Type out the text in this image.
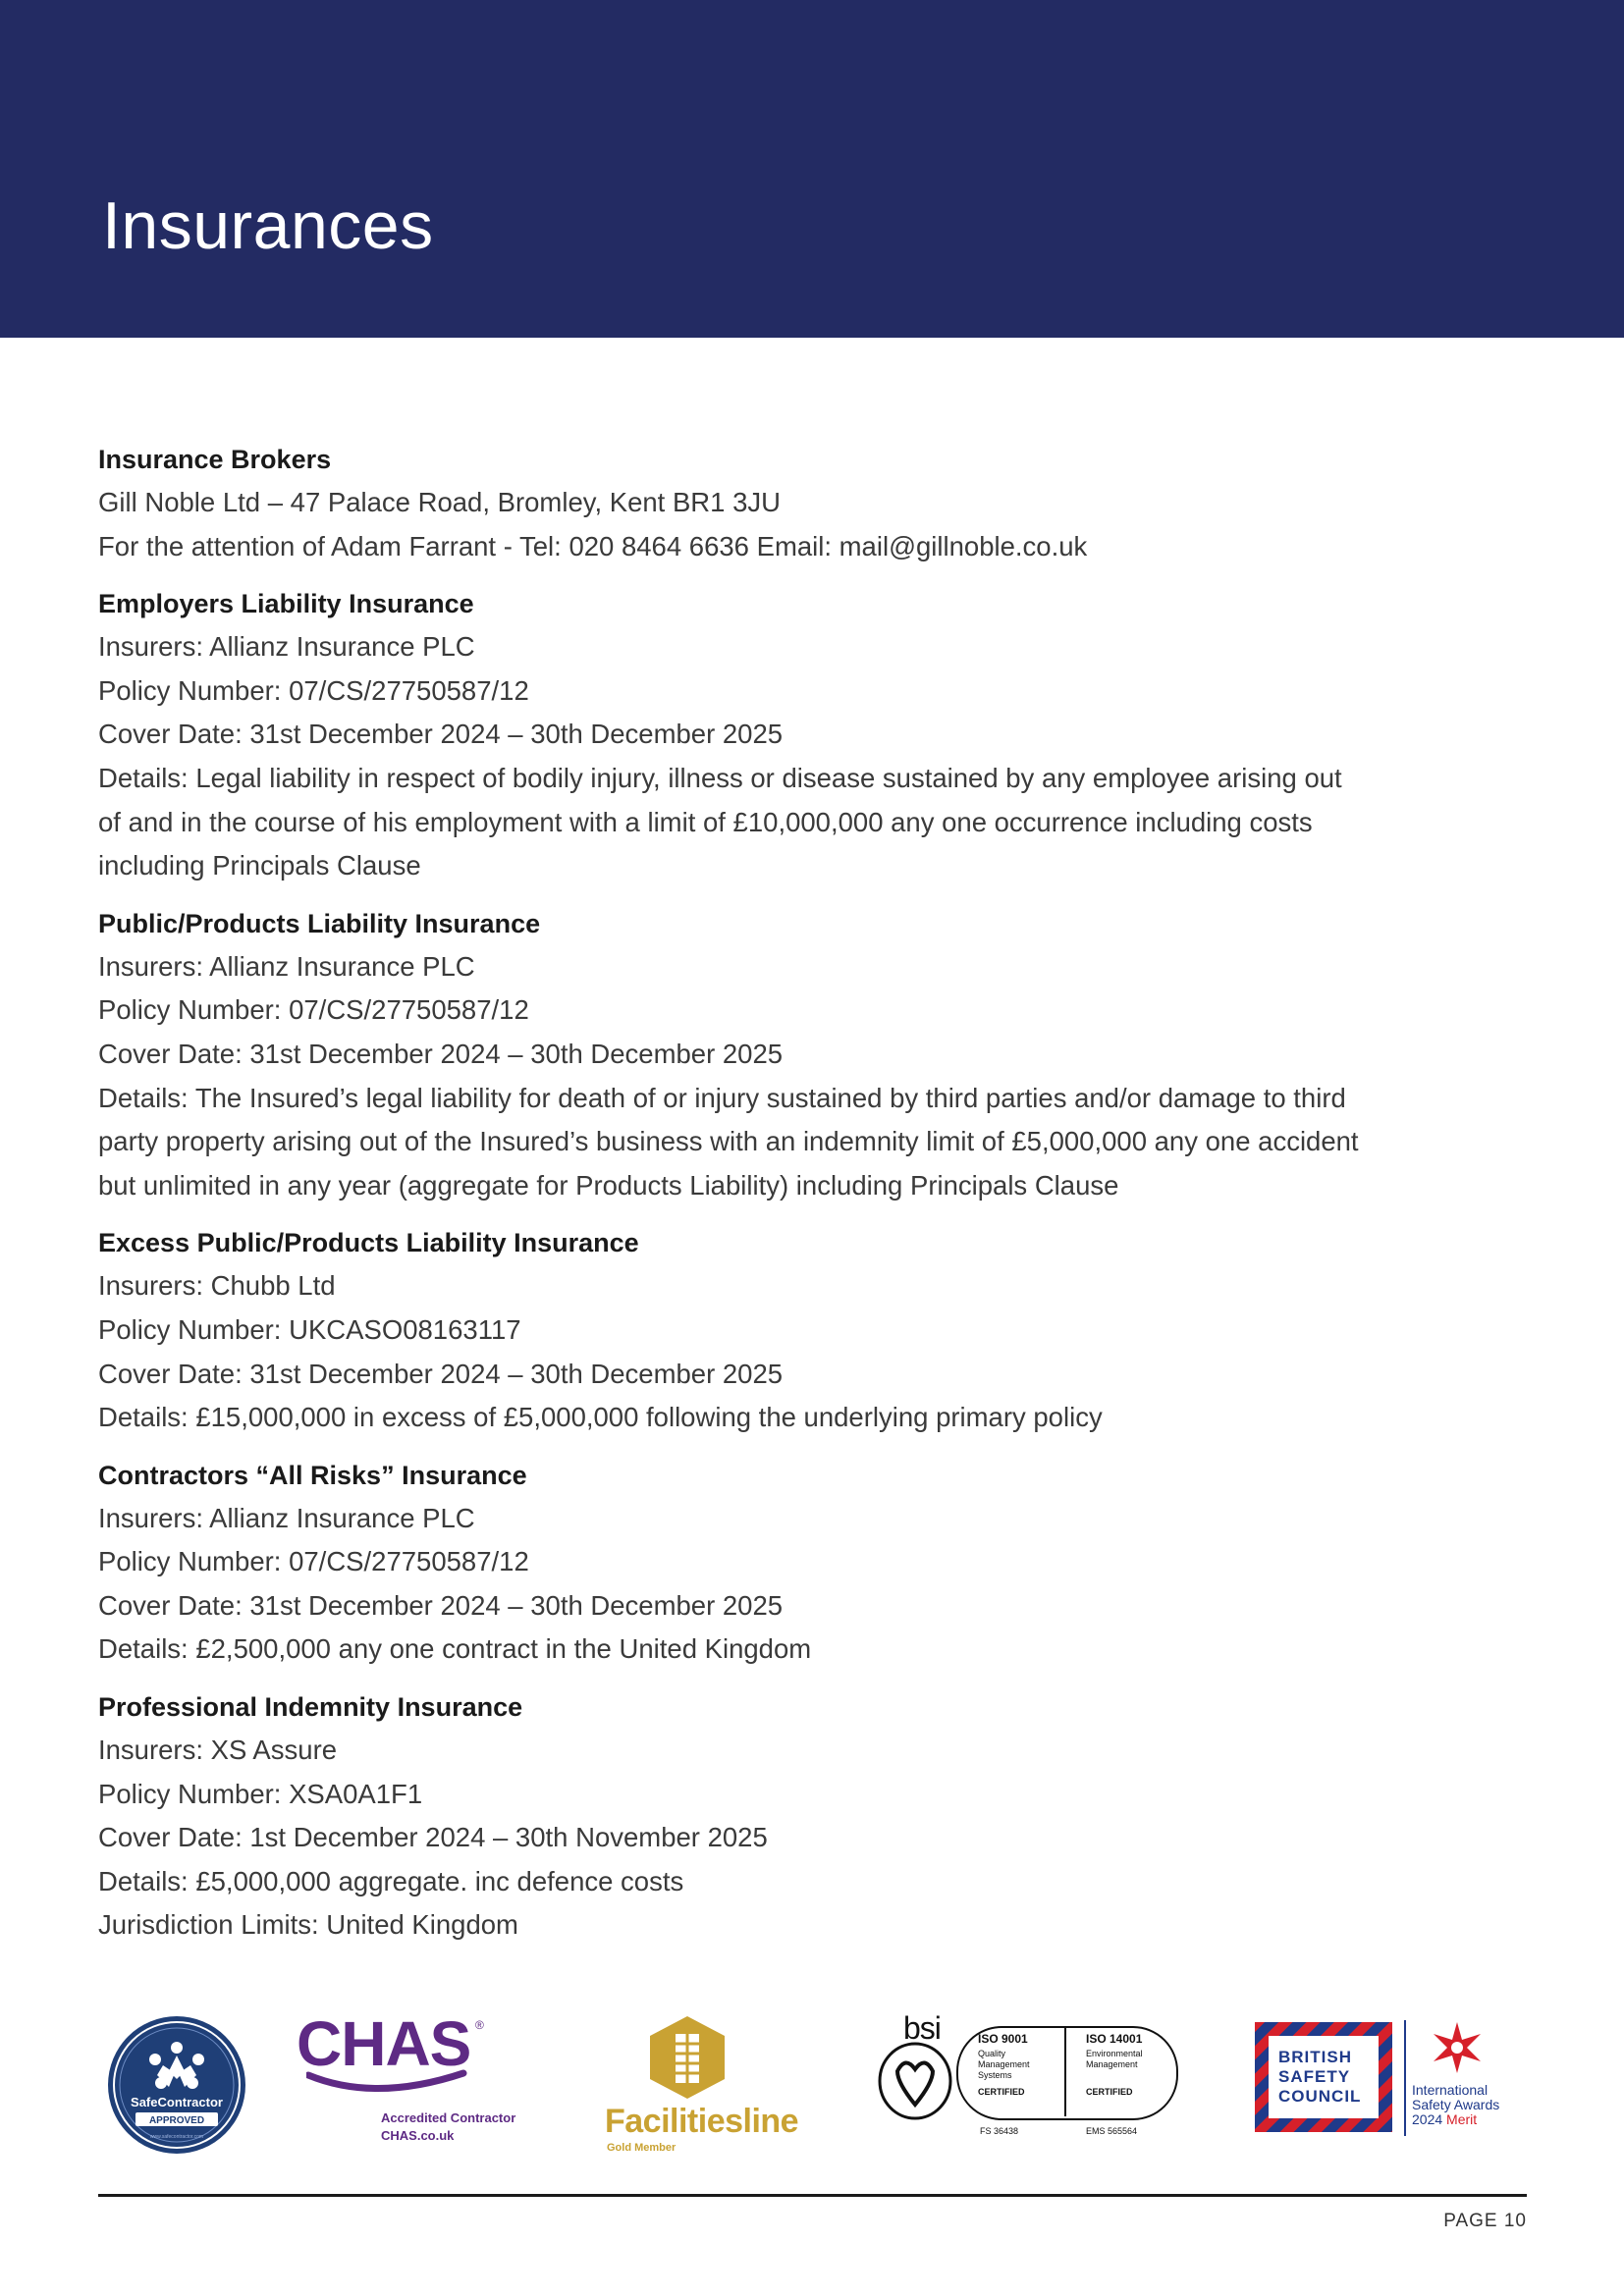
Insurances
Insurance Brokers

Gill Noble Ltd – 47 Palace Road, Bromley, Kent BR1 3JU

For the attention of Adam Farrant - Tel: 020 8464 6636 Email: mail@gillnoble.co.uk

Employers Liability Insurance

Insurers: Allianz Insurance PLC

Policy Number: 07/CS/27750587/12

Cover Date: 31st December 2024 – 30th December 2025

Details: Legal liability in respect of bodily injury, illness or disease sustained by any employee arising out

of and in the course of his employment with a limit of £10,000,000 any one occurrence including costs

including Principals Clause

Public/Products Liability Insurance

Insurers: Allianz Insurance PLC

Policy Number: 07/CS/27750587/12

Cover Date: 31st December 2024 – 30th December 2025

Details: The Insured’s legal liability for death of or injury sustained by third parties and/or damage to third

party property arising out of the Insured’s business with an indemnity limit of £5,000,000 any one accident

but unlimited in any year (aggregate for Products Liability) including Principals Clause

Excess Public/Products Liability Insurance

Insurers: Chubb Ltd

Policy Number: UKCASO08163117

Cover Date: 31st December 2024 – 30th December 2025

Details: £15,000,000 in excess of £5,000,000 following the underlying primary policy

Contractors “All Risks” Insurance

Insurers: Allianz Insurance PLC

Policy Number: 07/CS/27750587/12

Cover Date: 31st December 2024 – 30th December 2025

Details: £2,500,000 any one contract in the United Kingdom

Professional Indemnity Insurance

Insurers: XS Assure

Policy Number: XSA0A1F1

Cover Date: 1st December 2024 – 30th November 2025

Details: £5,000,000 aggregate. inc defence costs

Jurisdiction Limits: United Kingdom

SafeContractor
APPROVED
www.safecontractor.com
CHAS ®
Accredited Contractor
CHAS.co.uk	Facilitiesline
Gold Member
bsi	ISO 9001
Quality
Management
Systems
CERTIFIED
FS 36438
ISO 14001
Environmental
Management
CERTIFIED
EMS 565564
BRITISH
SAFETY
COUNCIL	International
Safety Awards
2024 Merit
PAGE 10
